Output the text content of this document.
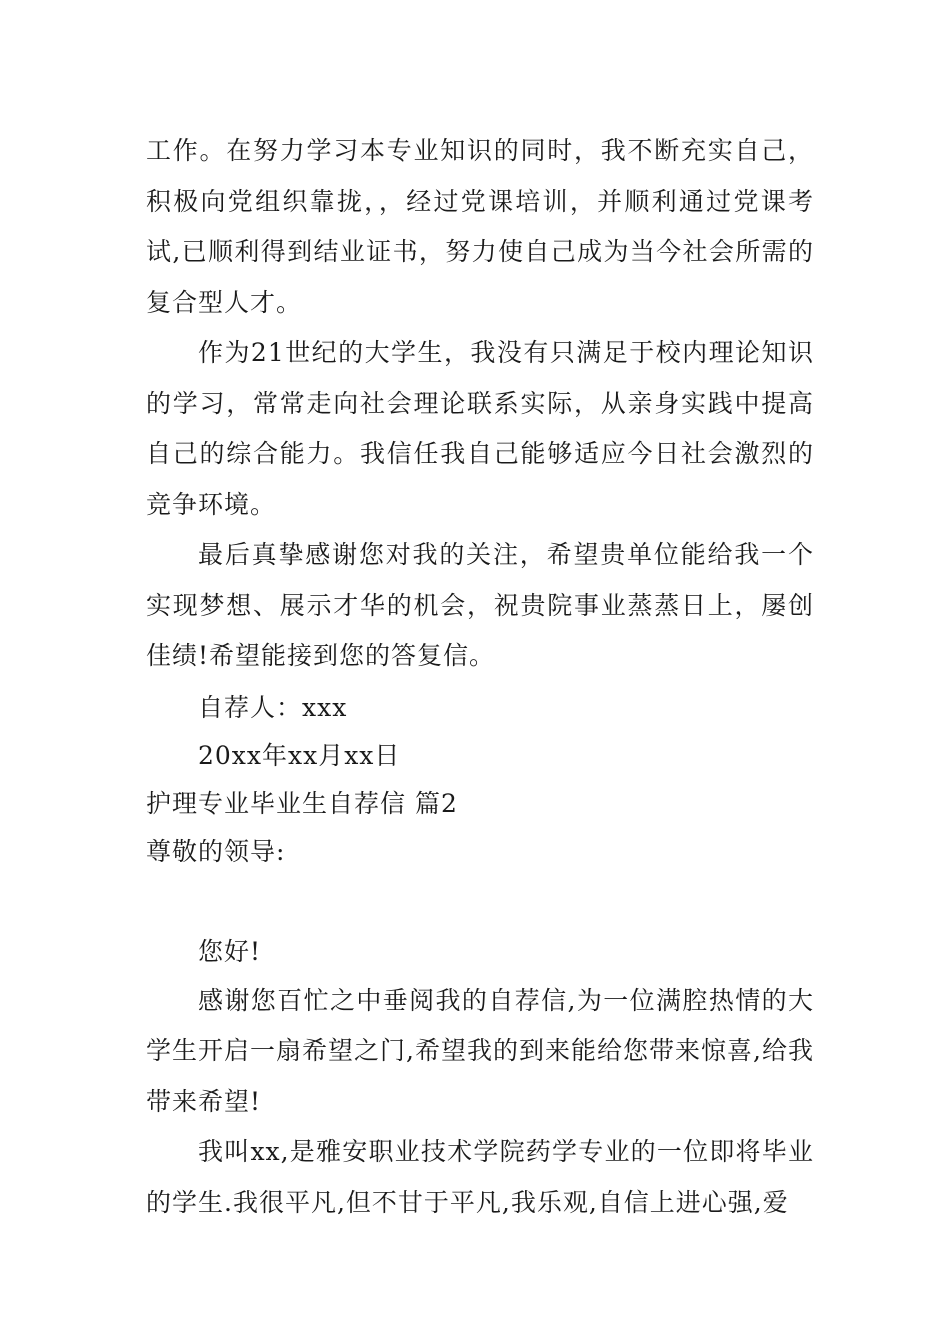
工作。在努力学习本专业知识的同时，我不断充实自己，积极向党组织靠拢，，经过党课培训，并顺利通过党课考试,已顺利得到结业证书，努力使自己成为当今社会所需的复合型人才。

作为21世纪的大学生，我没有只满足于校内理论知识的学习，常常走向社会理论联系实际，从亲身实践中提高自己的综合能力。我信任我自己能够适应今日社会激烈的竞争环境。

最后真挚感谢您对我的关注，希望贵单位能给我一个实现梦想、展示才华的机会，祝贵院事业蒸蒸日上，屡创佳绩!希望能接到您的答复信。

自荐人：xxx

20xx年xx月xx日

护理专业毕业生自荐信 篇2

尊敬的领导:

您好!

感谢您百忙之中垂阅我的自荐信,为一位满腔热情的大学生开启一扇希望之门,希望我的到来能给您带来惊喜,给我带来希望!

我叫xx,是雅安职业技术学院药学专业的一位即将毕业的学生.我很平凡,但不甘于平凡,我乐观,自信上进心强,爱
